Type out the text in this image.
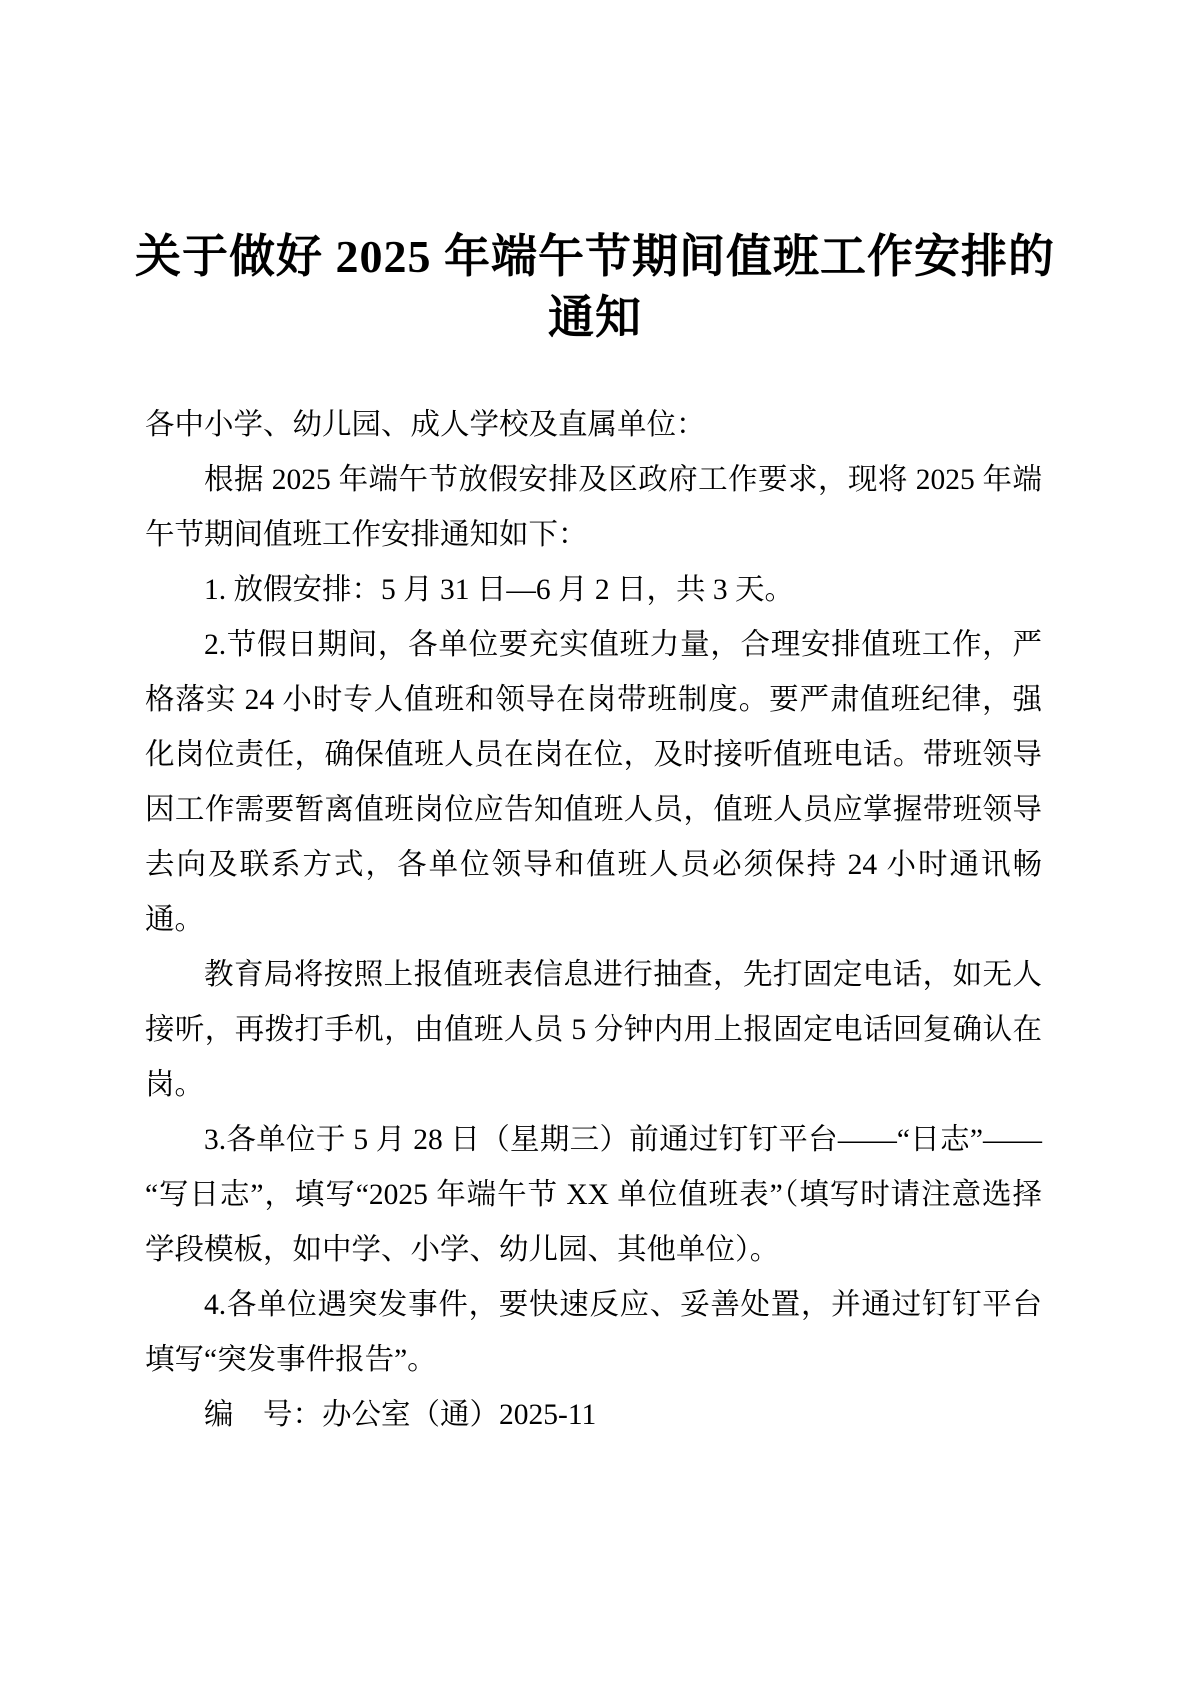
关于做好 2025 年端午节期间值班工作安排的
通知

各中小学、幼儿园、成人学校及直属单位：

根据 2025 年端午节放假安排及区政府工作要求，现将 2025 年端午节期间值班工作安排通知如下：

1. 放假安排：5 月 31 日—6 月 2 日，共 3 天。

2.节假日期间，各单位要充实值班力量，合理安排值班工作，严格落实 24 小时专人值班和领导在岗带班制度。要严肃值班纪律，强化岗位责任，确保值班人员在岗在位，及时接听值班电话。带班领导因工作需要暂离值班岗位应告知值班人员，值班人员应掌握带班领导去向及联系方式，各单位领导和值班人员必须保持 24 小时通讯畅通。

教育局将按照上报值班表信息进行抽查，先打固定电话，如无人接听，再拨打手机，由值班人员 5 分钟内用上报固定电话回复确认在岗。

3.各单位于 5 月 28 日（星期三）前通过钉钉平台——“日志”——“写日志”，填写“2025 年端午节 XX 单位值班表”（填写时请注意选择学段模板，如中学、小学、幼儿园、其他单位）。

4.各单位遇突发事件，要快速反应、妥善处置，并通过钉钉平台填写“突发事件报告”。

编　号：办公室（通）2025-11
